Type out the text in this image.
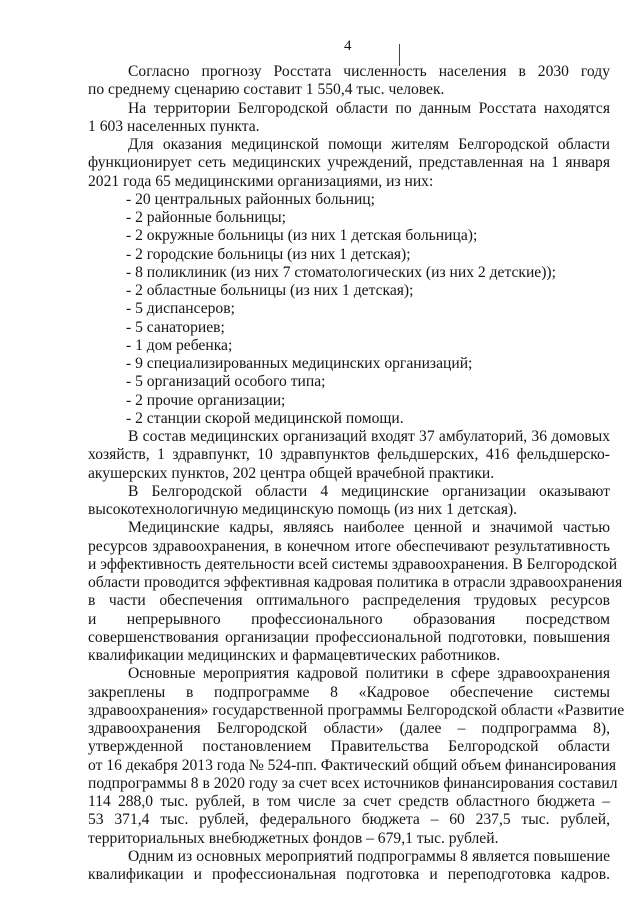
4
Согласно прогнозу Росстата численность населения в 2030 году
по среднему сценарию составит 1 550,4 тыс. человек.
На территории Белгородской области по данным Росстата находятся
1 603 населенных пункта.
Для оказания медицинской помощи жителям Белгородской области
функционирует сеть медицинских учреждений, представленная на 1 января
2021 года 65 медицинскими организациями, из них:
- 20 центральных районных больниц;
- 2 районные больницы;
- 2 окружные больницы (из них 1 детская больница);
- 2 городские больницы (из них 1 детская);
- 8 поликлиник (из них 7 стоматологических (из них 2 детские));
- 2 областные больницы (из них 1 детская);
- 5 диспансеров;
- 5 санаториев;
- 1 дом ребенка;
- 9 специализированных медицинских организаций;
- 5 организаций особого типа;
- 2 прочие организации;
- 2 станции скорой медицинской помощи.
В состав медицинских организаций входят 37 амбулаторий, 36 домовых
хозяйств, 1 здравпункт, 10 здравпунктов фельдшерских, 416 фельдшерско-
акушерских пунктов, 202 центра общей врачебной практики.
В Белгородской области 4 медицинские организации оказывают
высокотехнологичную медицинскую помощь (из них 1 детская).
Медицинские кадры, являясь наиболее ценной и значимой частью
ресурсов здравоохранения, в конечном итоге обеспечивают результативность
и эффективность деятельности всей системы здравоохранения. В Белгородской
области проводится эффективная кадровая политика в отрасли здравоохранения
в части обеспечения оптимального распределения трудовых ресурсов
и непрерывного профессионального образования посредством
совершенствования организации профессиональной подготовки, повышения
квалификации медицинских и фармацевтических работников.
Основные мероприятия кадровой политики в сфере здравоохранения
закреплены в подпрограмме 8 «Кадровое обеспечение системы
здравоохранения» государственной программы Белгородской области «Развитие
здравоохранения Белгородской области» (далее – подпрограмма 8),
утвержденной постановлением Правительства Белгородской области
от 16 декабря 2013 года № 524-пп. Фактический общий объем финансирования
подпрограммы 8 в 2020 году за счет всех источников финансирования составил
114 288,0 тыс. рублей, в том числе за счет средств областного бюджета –
53 371,4 тыс. рублей, федерального бюджета – 60 237,5 тыс. рублей,
территориальных внебюджетных фондов – 679,1 тыс. рублей.
Одним из основных мероприятий подпрограммы 8 является повышение
квалификации и профессиональная подготовка и переподготовка кадров.
